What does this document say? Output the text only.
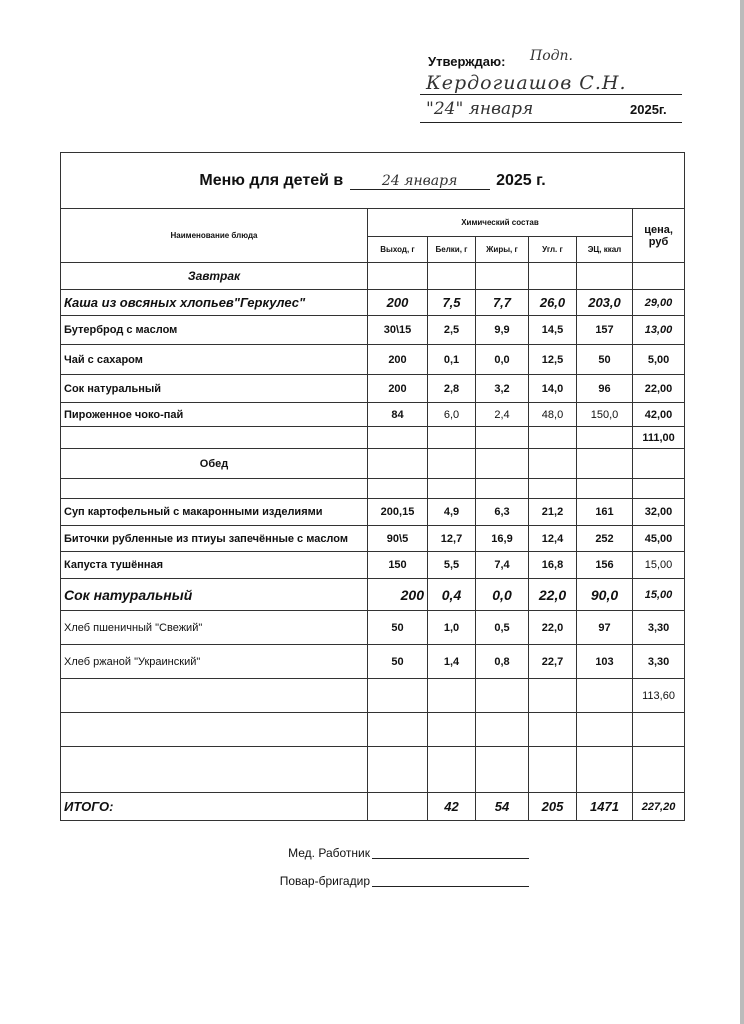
Утверждаю: Подп.
Кердогиашов С.Н.
"24" января	2025г.
Меню для детей в 24 января 2025 г.						
Наименование блюда	Химический состав					цена, руб
	Выход, г	Белки, г	Жиры, г	Угл. г	ЭЦ, ккал	
Завтрак						
Каша из овсяных хлопьев"Геркулес"	200	7,5	7,7	26,0	203,0	29,00
Бутерброд с маслом	30\15	2,5	9,9	14,5	157	13,00
Чай с сахаром	200	0,1	0,0	12,5	50	5,00
Сок натуральный	200	2,8	3,2	14,0	96	22,00
Пироженное чоко-пай	84	6,0	2,4	48,0	150,0	42,00
						111,00
Обед						

Суп картофельный с макаронными изделиями	200,15	4,9	6,3	21,2	161	32,00
Биточки рубленные из птиуы запечённые с маслом	90\5	12,7	16,9	12,4	252	45,00
Капуста тушённая	150	5,5	7,4	16,8	156	15,00
Сок натуральный	200	0,4	0,0	22,0	90,0	15,00
Хлеб пшеничный "Свежий"	50	1,0	0,5	22,0	97	3,30
Хлеб ржаной "Украинский"	50	1,4	0,8	22,7	103	3,30
						113,60

ИТОГО:		42	54	205	1471	227,20
Мед. Работник
Повар-бригадир
